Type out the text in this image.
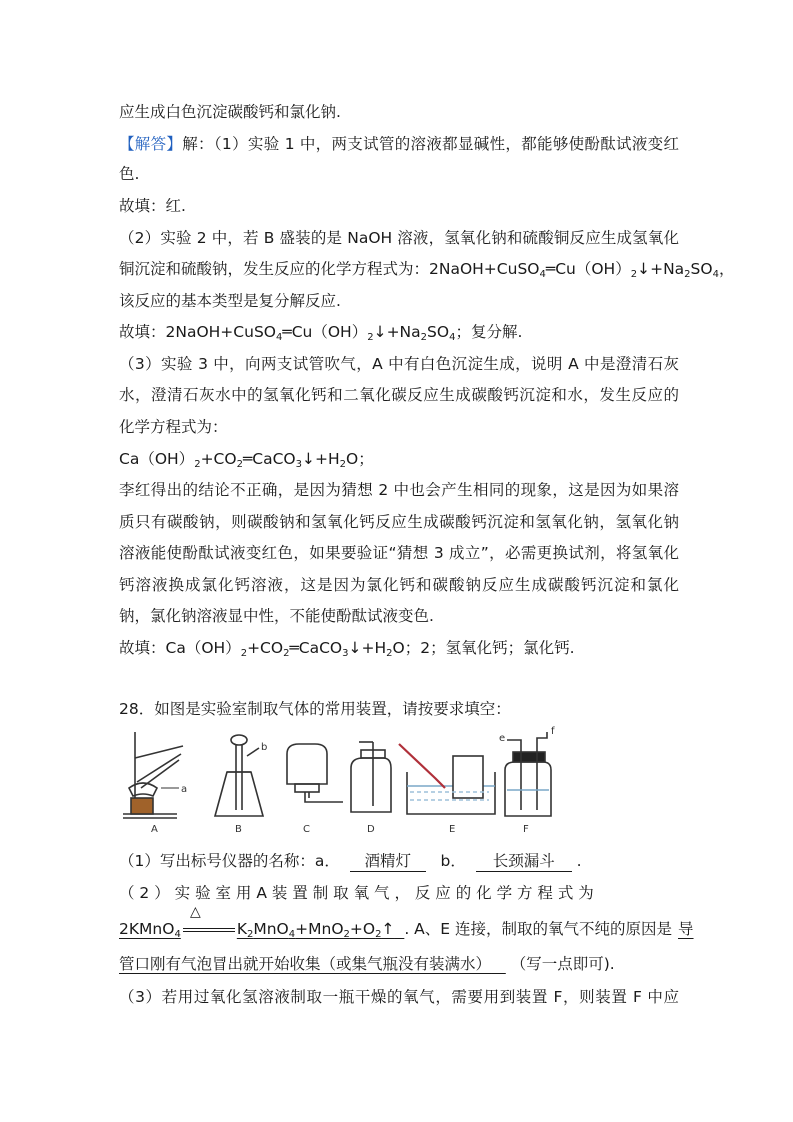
应生成白色沉淀碳酸钙和氯化钠.
【解答】解：（1）实验 1 中，两支试管的溶液都显碱性，都能够使酚酞试液变红
色.
故填：红.
（2）实验 2 中，若 B 盛装的是 NaOH 溶液，氢氧化钠和硫酸铜反应生成氢氧化
铜沉淀和硫酸钠，发生反应的化学方程式为：$2NaOH+CuSO_4═Cu(OH)_2↓+Na_2SO_4$，
该反应的基本类型是复分解反应.
故填：$2NaOH+CuSO_4═Cu(OH)_2↓+Na_2SO_4$；复分解.
（3）实验 3 中，向两支试管吹气，A 中有白色沉淀生成，说明 A 中是澄清石灰
水，澄清石灰水中的氢氧化钙和二氧化碳反应生成碳酸钙沉淀和水，发生反应的
化学方程式为：
$Ca(OH)_2+CO_2═CaCO_3↓+H_2O$；
李红得出的结论不正确，是因为猜想 2 中也会产生相同的现象，这是因为如果溶
质只有碳酸钠，则碳酸钠和氢氧化钙反应生成碳酸钙沉淀和氢氧化钠，氢氧化钠
溶液能使酚酞试液变红色，如果要验证“猜想 3 成立”，必需更换试剂，将氢氧化
钙溶液换成氯化钙溶液，这是因为氯化钙和碳酸钠反应生成碳酸钙沉淀和氯化
钠，氯化钠溶液显中性，不能使酚酞试液变色.
故填：$Ca(OH)_2+CO_2═CaCO_3↓+H_2O$；2；氢氧化钙；氯化钙.
28．如图是实验室制取气体的常用装置，请按要求填空：
A	B	C	D	E	F
a
b
e
f
（1）写出标号仪器的名称：a． 酒精灯 b． 长颈漏斗 .
（ 2 ） 实 验 室 用 A 装 置 制 取 氧 气 ， 反 应 的 化 学 方 程 式 为
△
2KMnO$_4$	$K_2MnO_4+MnO_2+O_2↑$ . A、E 连接，制取的氧气不纯的原因是 导
管口刚有气泡冒出就开始收集（或集气瓶没有装满水） （写一点即可).
（3）若用过氧化氢溶液制取一瓶干燥的氧气，需要用到装置 F，则装置 F 中应
